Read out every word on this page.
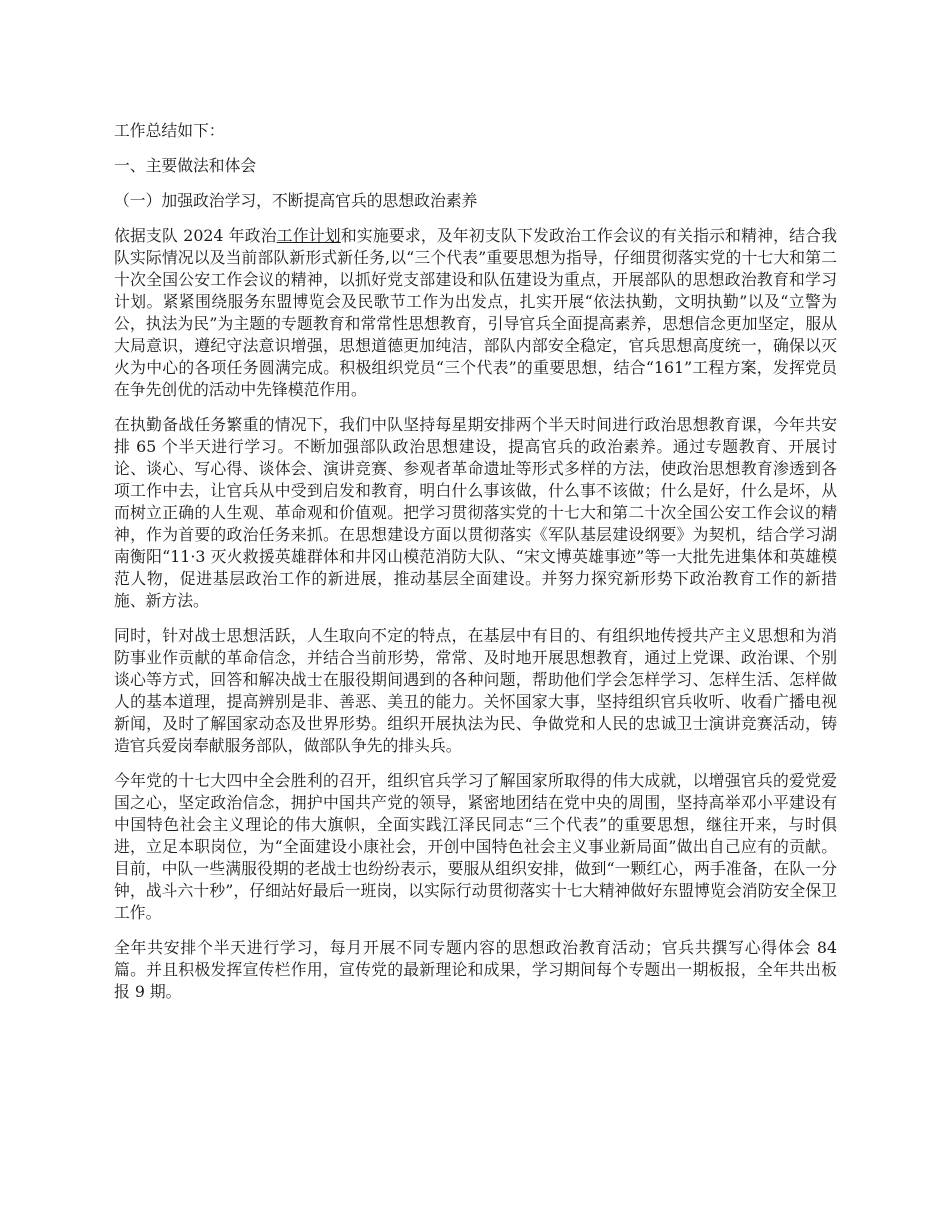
工作总结如下：
一、主要做法和体会
（一）加强政治学习，不断提高官兵的思想政治素养

依据支队 2024 年政治工作计划和实施要求，及年初支队下发政治工作会议的有关指示和精神，结合我队实际情况以及当前部队新形式新任务,以“三个代表”重要思想为指导，仔细贯彻落实党的十七大和第二十次全国公安工作会议的精神，以抓好党支部建设和队伍建设为重点，开展部队的思想政治教育和学习计划。紧紧围绕服务东盟博览会及民歌节工作为出发点，扎实开展“依法执勤，文明执勤”以及“立警为公，执法为民”为主题的专题教育和常常性思想教育，引导官兵全面提高素养，思想信念更加坚定，服从大局意识，遵纪守法意识增强，思想道德更加纯洁，部队内部安全稳定，官兵思想高度统一，确保以灭火为中心的各项任务圆满完成。积极组织党员“三个代表”的重要思想，结合“161”工程方案，发挥党员在争先创优的活动中先锋模范作用。

在执勤备战任务繁重的情况下，我们中队坚持每星期安排两个半天时间进行政治思想教育课，今年共安排 65 个半天进行学习。不断加强部队政治思想建设，提高官兵的政治素养。通过专题教育、开展讨论、谈心、写心得、谈体会、演讲竞赛、参观者革命遗址等形式多样的方法，使政治思想教育渗透到各项工作中去，让官兵从中受到启发和教育，明白什么事该做，什么事不该做；什么是好，什么是坏，从而树立正确的人生观、革命观和价值观。把学习贯彻落实党的十七大和第二十次全国公安工作会议的精神，作为首要的政治任务来抓。在思想建设方面以贯彻落实《军队基层建设纲要》为契机，结合学习湖南衡阳“11·3 灭火救援英雄群体和井冈山模范消防大队、“宋文博英雄事迹”等一大批先进集体和英雄模范人物，促进基层政治工作的新进展，推动基层全面建设。并努力探究新形势下政治教育工作的新措施、新方法。

同时，针对战士思想活跃，人生取向不定的特点，在基层中有目的、有组织地传授共产主义思想和为消防事业作贡献的革命信念，并结合当前形势，常常、及时地开展思想教育，通过上党课、政治课、个别谈心等方式，回答和解决战士在服役期间遇到的各种问题，帮助他们学会怎样学习、怎样生活、怎样做人的基本道理，提高辨别是非、善恶、美丑的能力。关怀国家大事，坚持组织官兵收听、收看广播电视新闻，及时了解国家动态及世界形势。组织开展执法为民、争做党和人民的忠诚卫士演讲竞赛活动，铸造官兵爱岗奉献服务部队，做部队争先的排头兵。

今年党的十七大四中全会胜利的召开，组织官兵学习了解国家所取得的伟大成就，以增强官兵的爱党爱国之心，坚定政治信念，拥护中国共产党的领导，紧密地团结在党中央的周围，坚持高举邓小平建设有中国特色社会主义理论的伟大旗帜，全面实践江泽民同志“三个代表”的重要思想，继往开来，与时俱进，立足本职岗位，为“全面建设小康社会，开创中国特色社会主义事业新局面”做出自己应有的贡献。目前，中队一些满服役期的老战士也纷纷表示，要服从组织安排，做到“一颗红心，两手准备，在队一分钟，战斗六十秒”，仔细站好最后一班岗，以实际行动贯彻落实十七大精神做好东盟博览会消防安全保卫工作。

全年共安排个半天进行学习，每月开展不同专题内容的思想政治教育活动；官兵共撰写心得体会 84 篇。并且积极发挥宣传栏作用，宣传党的最新理论和成果，学习期间每个专题出一期板报，全年共出板报 9 期。
